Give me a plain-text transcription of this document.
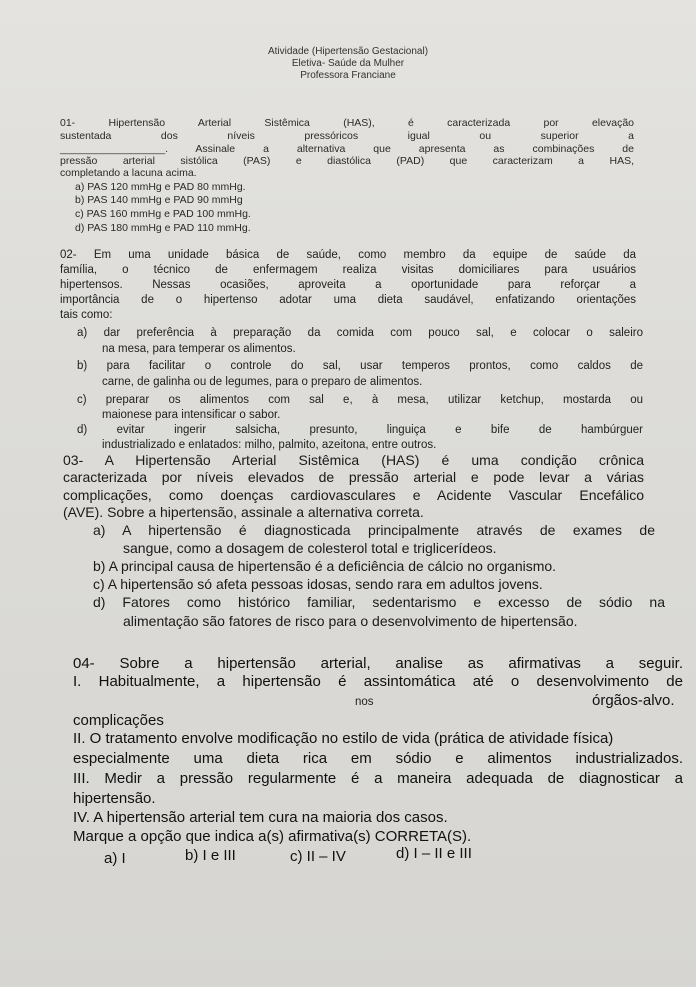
Atividade (Hipertensão Gestacional)
Eletiva- Saúde da Mulher
Professora Franciane

01- Hipertensão Arterial Sistêmica (HAS), é caracterizada por elevação

sustentada dos níveis pressóricos igual ou superior a

__________________. Assinale a alternativa que apresenta as combinações de

pressão arterial sistólica (PAS) e diastólica (PAD) que caracterizam a HAS,

completando a lacuna acima.

a) PAS 120 mmHg e PAD 80 mmHg.

b) PAS 140 mmHg e PAD 90 mmHg

c) PAS 160 mmHg e PAD 100 mmHg.

d) PAS 180 mmHg e PAD 110 mmHg.

02- Em uma unidade básica de saúde, como membro da equipe de saúde da

família, o técnico de enfermagem realiza visitas domiciliares para usuários

hipertensos. Nessas ocasiões, aproveita a oportunidade para reforçar a

importância de o hipertenso adotar uma dieta saudável, enfatizando orientações

tais como:

a) dar preferência à preparação da comida com pouco sal, e colocar o saleiro

na mesa, para temperar os alimentos.

b) para facilitar o controle do sal, usar temperos prontos, como caldos de

carne, de galinha ou de legumes, para o preparo de alimentos.

c) preparar os alimentos com sal e, à mesa, utilizar ketchup, mostarda ou

maionese para intensificar o sabor.

d) evitar ingerir salsicha, presunto, linguiça e bife de hambúrguer

industrializado e enlatados: milho, palmito, azeitona, entre outros.

03- A Hipertensão Arterial Sistêmica (HAS) é uma condição crônica

caracterizada por níveis elevados de pressão arterial e pode levar a várias

complicações, como doenças cardiovasculares e Acidente Vascular Encefálico

(AVE). Sobre a hipertensão, assinale a alternativa correta.

a) A hipertensão é diagnosticada principalmente através de exames de

sangue, como a dosagem de colesterol total e triglicerídeos.

b) A principal causa de hipertensão é a deficiência de cálcio no organismo.

c) A hipertensão só afeta pessoas idosas, sendo rara em adultos jovens.

d) Fatores como histórico familiar, sedentarismo e excesso de sódio na

alimentação são fatores de risco para o desenvolvimento de hipertensão.

04- Sobre a hipertensão arterial, analise as afirmativas a seguir.

I. Habitualmente, a hipertensão é assintomática até o desenvolvimento de

nos	órgãos-alvo.

complicações

II. O tratamento envolve modificação no estilo de vida (prática de atividade física)

especialmente uma dieta rica em sódio e alimentos industrializados.

III. Medir a pressão regularmente é a maneira adequada de diagnosticar a

hipertensão.

IV. A hipertensão arterial tem cura na maioria dos casos.

Marque a opção que indica a(s) afirmativa(s) CORRETA(S).

a) I	b) I e III	c) II – IV	d) I – II e III
